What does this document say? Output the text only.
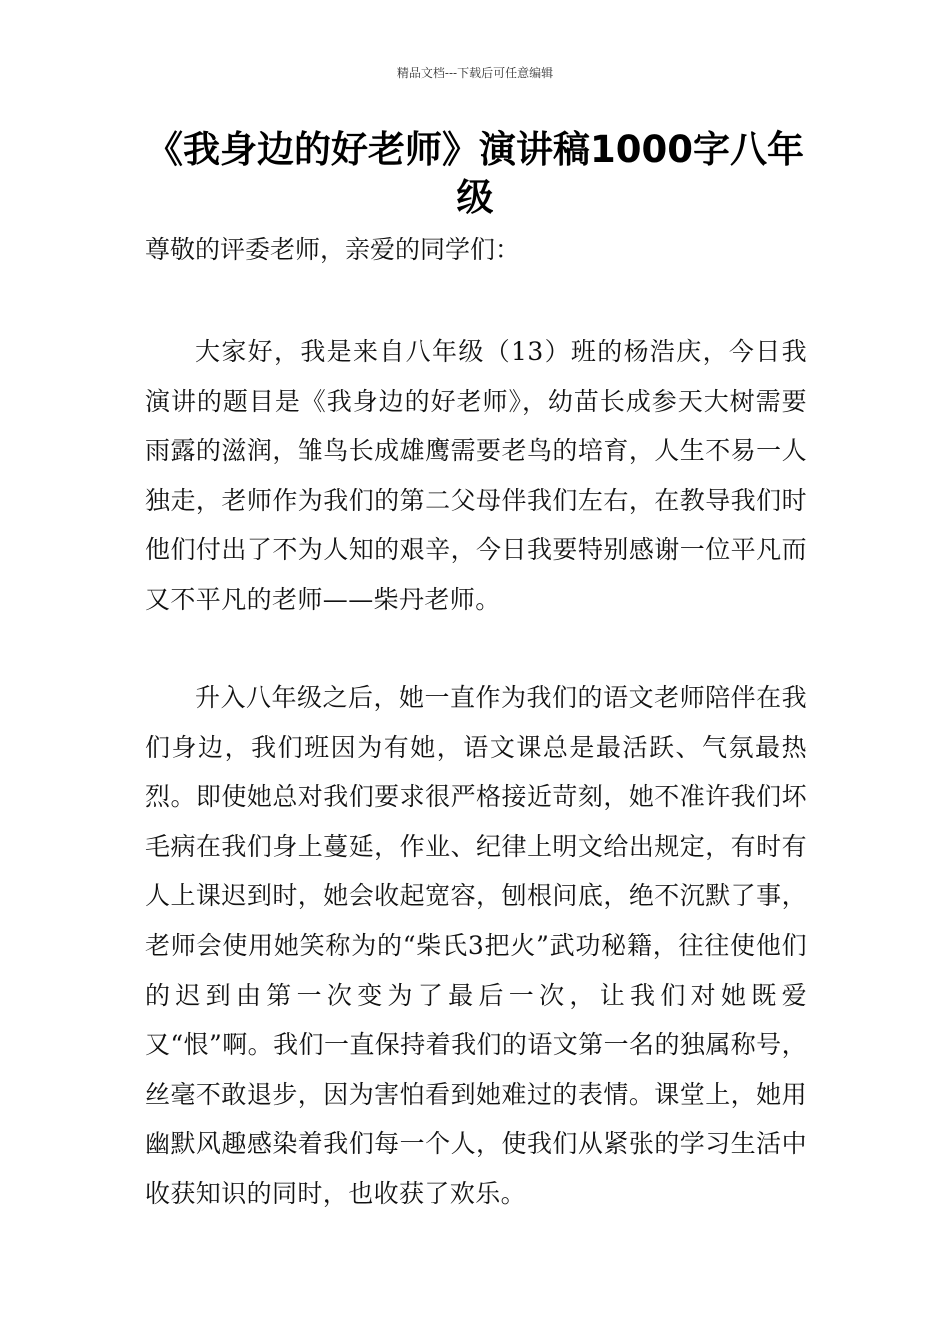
精品文档---下载后可任意编辑
《我身边的好老师》演讲稿1000字八年级

尊敬的评委老师，亲爱的同学们：

大家好，我是来自八年级（13）班的杨浩庆，今日我演讲的题目是《我身边的好老师》，幼苗长成参天大树需要雨露的滋润，雏鸟长成雄鹰需要老鸟的培育，人生不易一人独走，老师作为我们的第二父母伴我们左右，在教导我们时他们付出了不为人知的艰辛，今日我要特别感谢一位平凡而又不平凡的老师——柴丹老师。

升入八年级之后，她一直作为我们的语文老师陪伴在我们身边，我们班因为有她，语文课总是最活跃、气氛最热烈。即使她总对我们要求很严格接近苛刻，她不准许我们坏毛病在我们身上蔓延，作业、纪律上明文给出规定，有时有人上课迟到时，她会收起宽容，刨根问底，绝不沉默了事，老师会使用她笑称为的“柴氏3把火”武功秘籍，往往使他们的迟到由第一次变为了最后一次，让我们对她既爱又“恨”啊。我们一直保持着我们的语文第一名的独属称号，丝毫不敢退步，因为害怕看到她难过的表情。课堂上，她用幽默风趣感染着我们每一个人，使我们从紧张的学习生活中收获知识的同时，也收获了欢乐。
